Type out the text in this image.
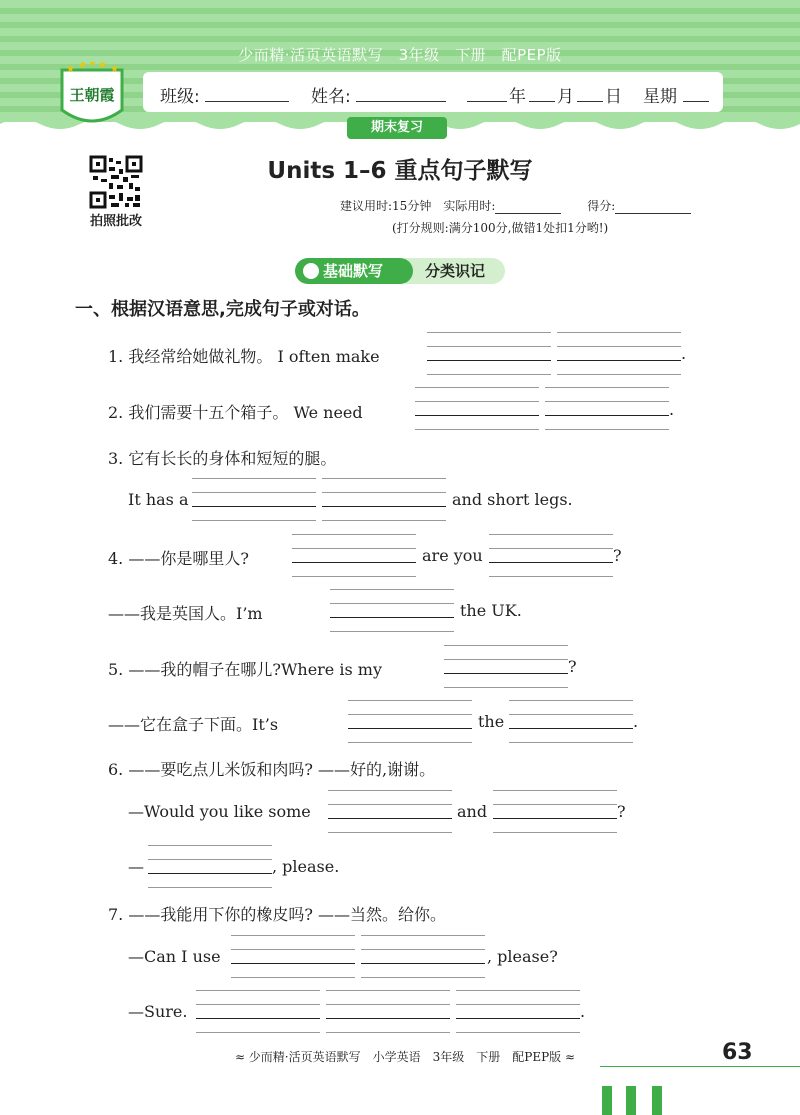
少而精·活页英语默写　3年级　下册　配PEP版
★ ★ ★ ★ ★
王朝霞	班级:	姓名:	年 月 日 星期
期末复习
拍照批改
Units 1–6 重点句子默写
建议用时:15分钟　实际用时:	得分:
(打分规则:满分100分,做错1处扣1分哟!)
分类识记
基础默写
一、根据汉语意思,完成句子或对话。
1. 我经常给她做礼物。 I often make	.
2. 我们需要十五个箱子。 We need	.
3. 它有长长的身体和短短的腿。
It has a	and short legs.
4. ——你是哪里人?	are you	?
——我是英国人。I’m	the UK.
5. ——我的帽子在哪儿?Where is my	?
——它在盒子下面。It’s	the	.
6. ——要吃点儿米饭和肉吗? ——好的,谢谢。
—Would you like some	and	?
—	, please.
7. ——我能用下你的橡皮吗? ——当然。给你。
—Can I use	, please?
—Sure.	.
≈ 少而精·活页英语默写　小学英语　3年级　下册　配PEP版 ≈	63
